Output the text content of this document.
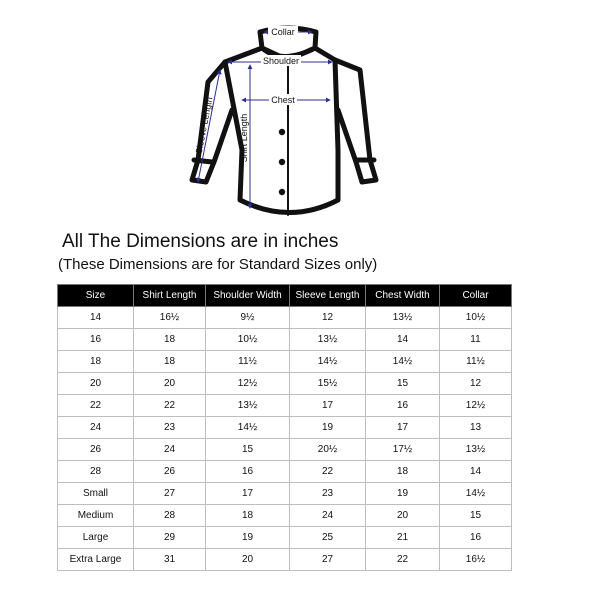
Collar
Shoulder
Chest
Shirt Length
Sleeve Length
All The Dimensions are in inches
(These Dimensions are for Standard Sizes only)
Size	Shirt Length	Shoulder Width	Sleeve Length	Chest Width	Collar
14	16½	9½	12	13½	10½
16	18	10½	13½	14	11
18	18	11½	14½	14½	11½
20	20	12½	15½	15	12
22	22	13½	17	16	12½
24	23	14½	19	17	13
26	24	15	20½	17½	13½
28	26	16	22	18	14
Small	27	17	23	19	14½
Medium	28	18	24	20	15
Large	29	19	25	21	16
Extra Large	31	20	27	22	16½
